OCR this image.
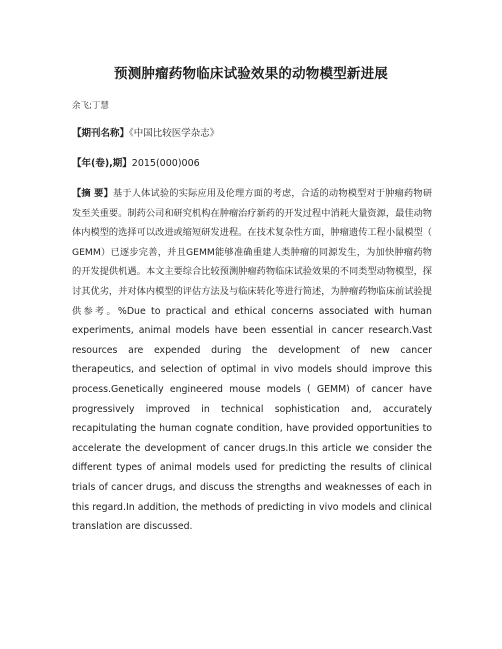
预测肿瘤药物临床试验效果的动物模型新进展
余飞;丁慧
【期刊名称】《中国比较医学杂志》
【年(卷),期】2015(000)006
【摘 要】基于人体试验的实际应用及伦理方面的考虑，合适的动物模型对于肿瘤药物研发至关重要。制药公司和研究机构在肿瘤治疗新药的开发过程中消耗大量资源，最佳动物体内模型的选择可以改进或缩短研发进程。在技术复杂性方面，肿瘤遗传工程小鼠模型（ GEMM）已逐步完善，并且GEMM能够准确重建人类肿瘤的同源发生，为加快肿瘤药物的开发提供机遇。本文主要综合比较预测肿瘤药物临床试验效果的不同类型动物模型，探讨其优劣，并对体内模型的评估方法及与临床转化等进行简述，为肿瘤药物临床前试验提供参考。%Due to practical and ethical concerns associated with human experiments, animal models have been essential in cancer research.Vast resources are expended during the development of new cancer therapeutics, and selection of optimal in vivo models should improve this process.Genetically engineered mouse models ( GEMM) of cancer have progressively improved in technical sophistication and, accurately recapitulating the human cognate condition, have provided opportunities to accelerate the development of cancer drugs.In this article we consider the different types of animal models used for predicting the results of clinical trials of cancer drugs, and discuss the strengths and weaknesses of each in this regard.In addition, the methods of predicting in vivo models and clinical translation are discussed.
